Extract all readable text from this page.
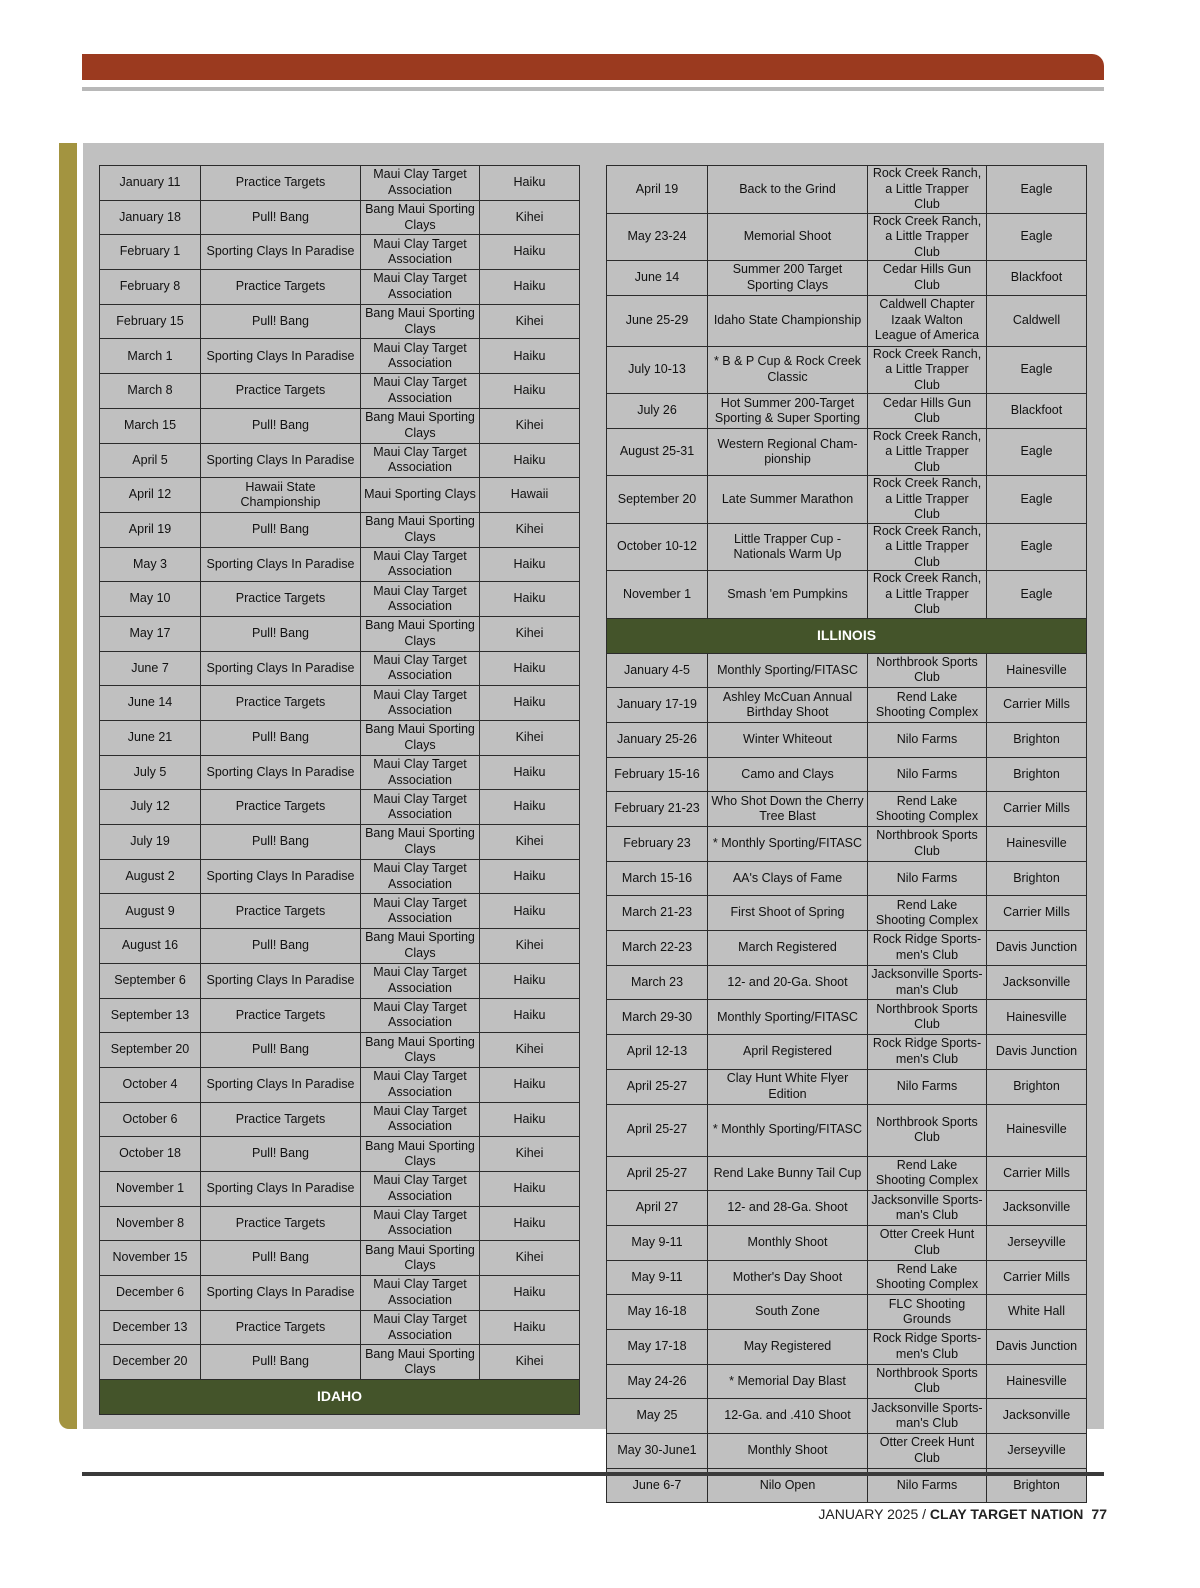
January 11	Practice Targets	Maui Clay Target Association	Haiku
January 18	Pull! Bang	Bang Maui Sporting Clays	Kihei
February 1	Sporting Clays In Paradise	Maui Clay Target Association	Haiku
February 8	Practice Targets	Maui Clay Target Association	Haiku
February 15	Pull! Bang	Bang Maui Sporting Clays	Kihei
March 1	Sporting Clays In Paradise	Maui Clay Target Association	Haiku
March 8	Practice Targets	Maui Clay Target Association	Haiku
March 15	Pull! Bang	Bang Maui Sporting Clays	Kihei
April 5	Sporting Clays In Paradise	Maui Clay Target Association	Haiku
April 12	Hawaii State Championship	Maui Sporting Clays	Hawaii
April 19	Pull! Bang	Bang Maui Sporting Clays	Kihei
May 3	Sporting Clays In Paradise	Maui Clay Target Association	Haiku
May 10	Practice Targets	Maui Clay Target Association	Haiku
May 17	Pull! Bang	Bang Maui Sporting Clays	Kihei
June 7	Sporting Clays In Paradise	Maui Clay Target Association	Haiku
June 14	Practice Targets	Maui Clay Target Association	Haiku
June 21	Pull! Bang	Bang Maui Sporting Clays	Kihei
July 5	Sporting Clays In Paradise	Maui Clay Target Association	Haiku
July 12	Practice Targets	Maui Clay Target Association	Haiku
July 19	Pull! Bang	Bang Maui Sporting Clays	Kihei
August 2	Sporting Clays In Paradise	Maui Clay Target Association	Haiku
August 9	Practice Targets	Maui Clay Target Association	Haiku
August 16	Pull! Bang	Bang Maui Sporting Clays	Kihei
September 6	Sporting Clays In Paradise	Maui Clay Target Association	Haiku
September 13	Practice Targets	Maui Clay Target Association	Haiku
September 20	Pull! Bang	Bang Maui Sporting Clays	Kihei
October 4	Sporting Clays In Paradise	Maui Clay Target Association	Haiku
October 6	Practice Targets	Maui Clay Target Association	Haiku
October 18	Pull! Bang	Bang Maui Sporting Clays	Kihei
November 1	Sporting Clays In Paradise	Maui Clay Target Association	Haiku
November 8	Practice Targets	Maui Clay Target Association	Haiku
November 15	Pull! Bang	Bang Maui Sporting Clays	Kihei
December 6	Sporting Clays In Paradise	Maui Clay Target Association	Haiku
December 13	Practice Targets	Maui Clay Target Association	Haiku
December 20	Pull! Bang	Bang Maui Sporting Clays	Kihei
IDAHO			
April 19	Back to the Grind	Rock Creek Ranch, a Little Trapper Club	Eagle
May 23-24	Memorial Shoot	Rock Creek Ranch, a Little Trapper Club	Eagle
June 14	Summer 200 Target Sporting Clays	Cedar Hills Gun Club	Blackfoot
June 25-29	Idaho State Championship	Caldwell Chapter Izaak Walton League of America	Caldwell
July 10-13	* B & P Cup & Rock Creek Classic	Rock Creek Ranch, a Little Trapper Club	Eagle
July 26	Hot Summer 200-Target Sporting & Super Sporting	Cedar Hills Gun Club	Blackfoot
August 25-31	Western Regional Cham-pionship	Rock Creek Ranch, a Little Trapper Club	Eagle
September 20	Late Summer Marathon	Rock Creek Ranch, a Little Trapper Club	Eagle
October 10-12	Little Trapper Cup - Nationals Warm Up	Rock Creek Ranch, a Little Trapper Club	Eagle
November 1	Smash 'em Pumpkins	Rock Creek Ranch, a Little Trapper Club	Eagle
ILLINOIS			
January 4-5	Monthly Sporting/FITASC	Northbrook Sports Club	Hainesville
January 17-19	Ashley McCuan Annual Birthday Shoot	Rend Lake Shooting Complex	Carrier Mills
January 25-26	Winter Whiteout	Nilo Farms	Brighton
February 15-16	Camo and Clays	Nilo Farms	Brighton
February 21-23	Who Shot Down the Cherry Tree Blast	Rend Lake Shooting Complex	Carrier Mills
February 23	* Monthly Sporting/FITASC	Northbrook Sports Club	Hainesville
March 15-16	AA's Clays of Fame	Nilo Farms	Brighton
March 21-23	First Shoot of Spring	Rend Lake Shooting Complex	Carrier Mills
March 22-23	March Registered	Rock Ridge Sports-men's Club	Davis Junction
March 23	12- and 20-Ga. Shoot	Jacksonville Sports-man's Club	Jacksonville
March 29-30	Monthly Sporting/FITASC	Northbrook Sports Club	Hainesville
April 12-13	April Registered	Rock Ridge Sports-men's Club	Davis Junction
April 25-27	Clay Hunt White Flyer Edition	Nilo Farms	Brighton
April 25-27	* Monthly Sporting/FITASC	Northbrook Sports Club	Hainesville
April 25-27	Rend Lake Bunny Tail Cup	Rend Lake Shooting Complex	Carrier Mills
April 27	12- and 28-Ga. Shoot	Jacksonville Sports-man's Club	Jacksonville
May 9-11	Monthly Shoot	Otter Creek Hunt Club	Jerseyville
May 9-11	Mother's Day Shoot	Rend Lake Shooting Complex	Carrier Mills
May 16-18	South Zone	FLC Shooting Grounds	White Hall
May 17-18	May Registered	Rock Ridge Sports-men's Club	Davis Junction
May 24-26	* Memorial Day Blast	Northbrook Sports Club	Hainesville
May 25	12-Ga. and .410 Shoot	Jacksonville Sports-man's Club	Jacksonville
May 30-June1	Monthly Shoot	Otter Creek Hunt Club	Jerseyville
June 6-7	Nilo Open	Nilo Farms	Brighton
JANUARY 2025 / CLAY TARGET NATION 77
